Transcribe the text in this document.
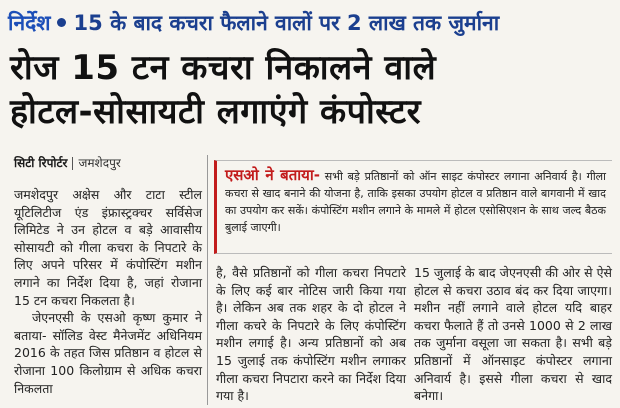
निर्देश 15 के बाद कचरा फैलाने वालों पर 2 लाख तक जुर्माना
रोज 15 टन कचरा निकालने वाले
होटल-सोसायटी लगाएंगे कंपोस्टर
सिटी रिपोर्टर जमशेदपुर
एसओ ने बताया- सभी बड़े प्रतिष्ठानों को ऑन साइट कंपोस्टर लगाना अनिवार्य है। गीला कचरा से खाद बनाने की योजना है, ताकि इसका उपयोग होटल व प्रतिष्ठान वाले बागवानी में खाद का उपयोग कर सकें। कंपोस्टिंग मशीन लगाने के मामले में होटल एसोसिएशन के साथ जल्द बैठक बुलाई जाएगी।

जमशेदपुर अक्षेस और टाटा स्टील यूटिलिटीज एंड इंफ्रास्ट्रक्चर सर्विसेज लिमिटेड ने उन होटल व बड़े आवासीय सोसायटी को गीला कचरा के निपटारे के लिए अपने परिसर में कंपोस्टिंग मशीन लगाने का निर्देश दिया है, जहां रोजाना 15 टन कचरा निकलता है।

जेएनएसी के एसओ कृष्ण कुमार ने बताया- सॉलिड वेस्ट मैनेजमेंट अधिनियम 2016 के तहत जिस प्रतिष्ठान व होटल से रोजाना 100 किलोग्राम से अधिक कचरा निकलता

है, वैसे प्रतिष्ठानों को गीला कचरा निपटारे के लिए कई बार नोटिस जारी किया गया है। लेकिन अब तक शहर के दो होटल ने गीला कचरे के निपटारे के लिए कंपोस्टिंग मशीन लगाई है। अन्य प्रतिष्ठानों को अब 15 जुलाई तक कंपोस्टिंग मशीन लगाकर गीला कचरा निपटारा करने का निर्देश दिया गया है।

15 जुलाई के बाद जेएनएसी की ओर से ऐसे होटल से कचरा उठाव बंद कर दिया जाएगा। मशीन नहीं लगाने वाले होटल यदि बाहर कचरा फैलाते हैं तो उनसे 1000 से 2 लाख तक जुर्माना वसूला जा सकता है। सभी बड़े प्रतिष्ठानों में ऑनसाइट कंपोस्टर लगाना अनिवार्य है। इससे गीला कचरा से खाद बनेगा।
